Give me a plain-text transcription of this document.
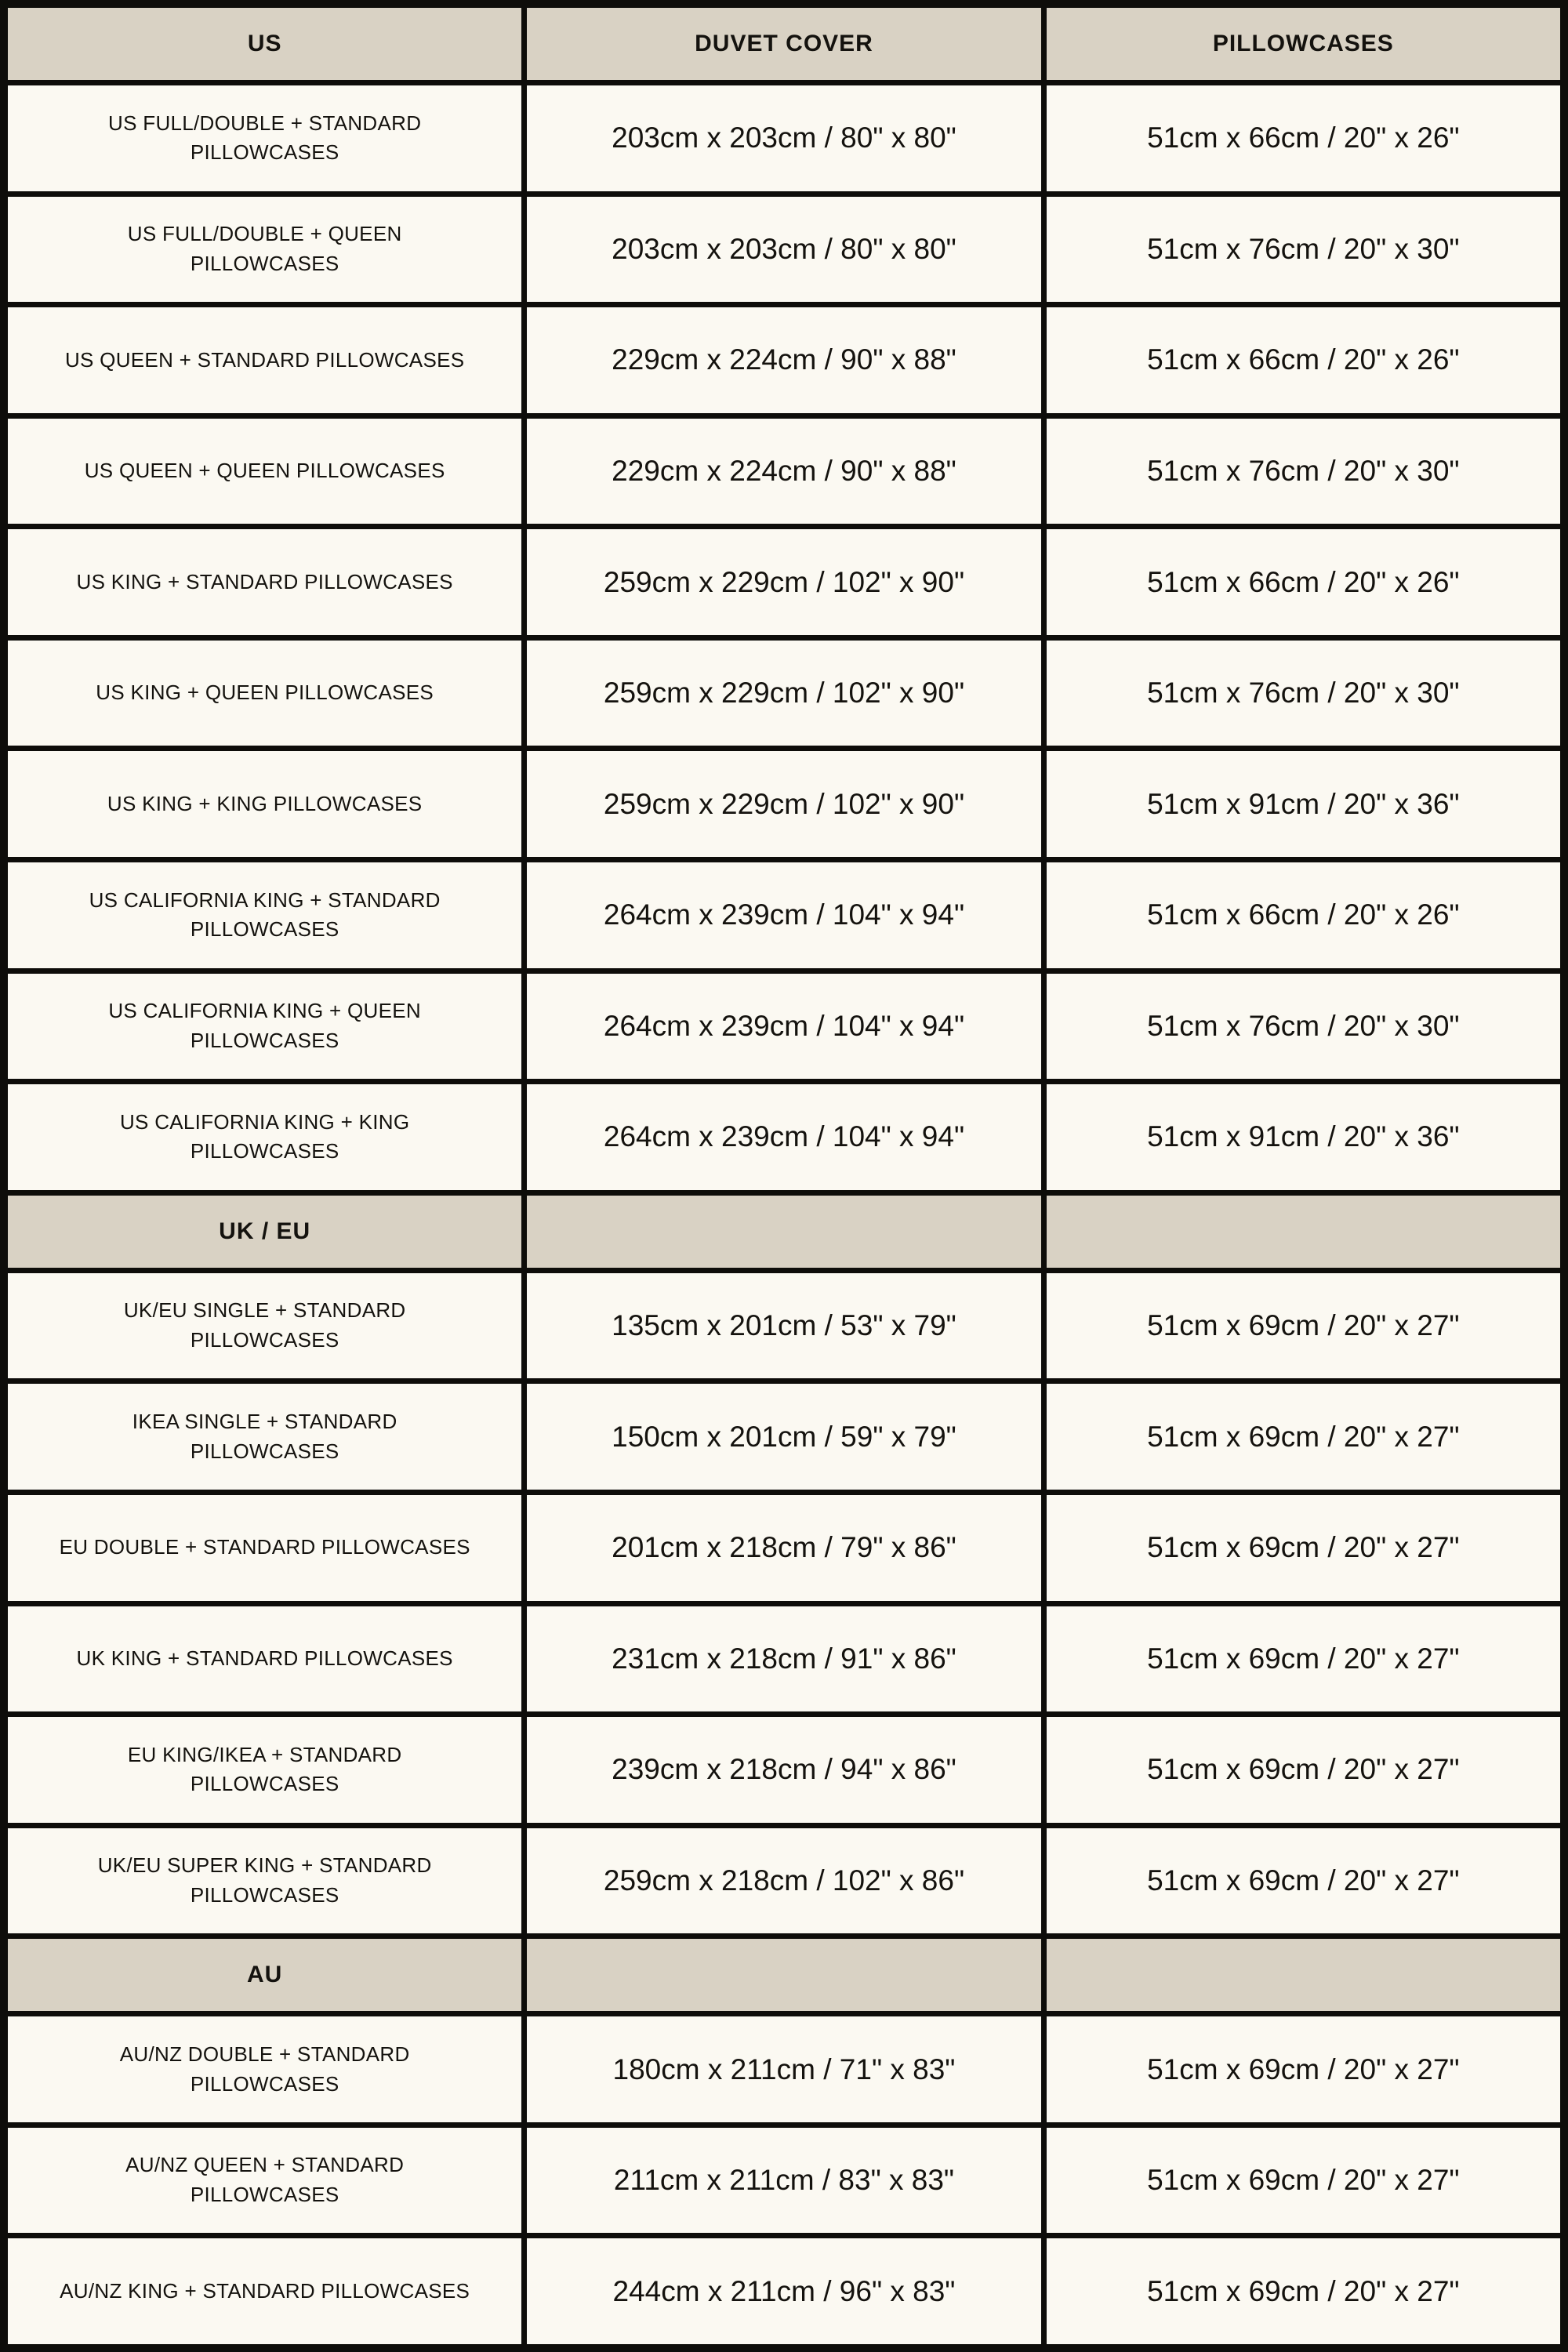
US	DUVET COVER	PILLOWCASES
US FULL/DOUBLE + STANDARD PILLOWCASES	203cm x 203cm / 80" x 80"	51cm x 66cm / 20" x 26"
US FULL/DOUBLE + QUEEN PILLOWCASES	203cm x 203cm / 80" x 80"	51cm x 76cm / 20" x 30"
US QUEEN + STANDARD PILLOWCASES	229cm x 224cm / 90" x 88"	51cm x 66cm / 20" x 26"
US QUEEN + QUEEN PILLOWCASES	229cm x 224cm / 90" x 88"	51cm x 76cm / 20" x 30"
US KING + STANDARD PILLOWCASES	259cm x 229cm / 102" x 90"	51cm x 66cm / 20" x 26"
US KING + QUEEN PILLOWCASES	259cm x 229cm / 102" x 90"	51cm x 76cm / 20" x 30"
US KING + KING PILLOWCASES	259cm x 229cm / 102" x 90"	51cm x 91cm / 20" x 36"
US CALIFORNIA KING + STANDARD PILLOWCASES	264cm x 239cm / 104" x 94"	51cm x 66cm / 20" x 26"
US CALIFORNIA KING + QUEEN PILLOWCASES	264cm x 239cm / 104" x 94"	51cm x 76cm / 20" x 30"
US CALIFORNIA KING + KING PILLOWCASES	264cm x 239cm / 104" x 94"	51cm x 91cm / 20" x 36"
UK / EU
UK/EU SINGLE + STANDARD PILLOWCASES	135cm x 201cm / 53" x 79"	51cm x 69cm / 20" x 27"
IKEA SINGLE + STANDARD PILLOWCASES	150cm x 201cm / 59" x 79"	51cm x 69cm / 20" x 27"
EU DOUBLE + STANDARD PILLOWCASES	201cm x 218cm / 79" x 86"	51cm x 69cm / 20" x 27"
UK KING + STANDARD PILLOWCASES	231cm x 218cm / 91" x 86"	51cm x 69cm / 20" x 27"
EU KING/IKEA + STANDARD PILLOWCASES	239cm x 218cm / 94" x 86"	51cm x 69cm / 20" x 27"
UK/EU SUPER KING + STANDARD PILLOWCASES	259cm x 218cm / 102" x 86"	51cm x 69cm / 20" x 27"
AU
AU/NZ DOUBLE + STANDARD PILLOWCASES	180cm x 211cm / 71" x 83"	51cm x 69cm / 20" x 27"
AU/NZ QUEEN + STANDARD PILLOWCASES	211cm x 211cm / 83" x 83"	51cm x 69cm / 20" x 27"
AU/NZ KING + STANDARD PILLOWCASES	244cm x 211cm / 96" x 83"	51cm x 69cm / 20" x 27"
